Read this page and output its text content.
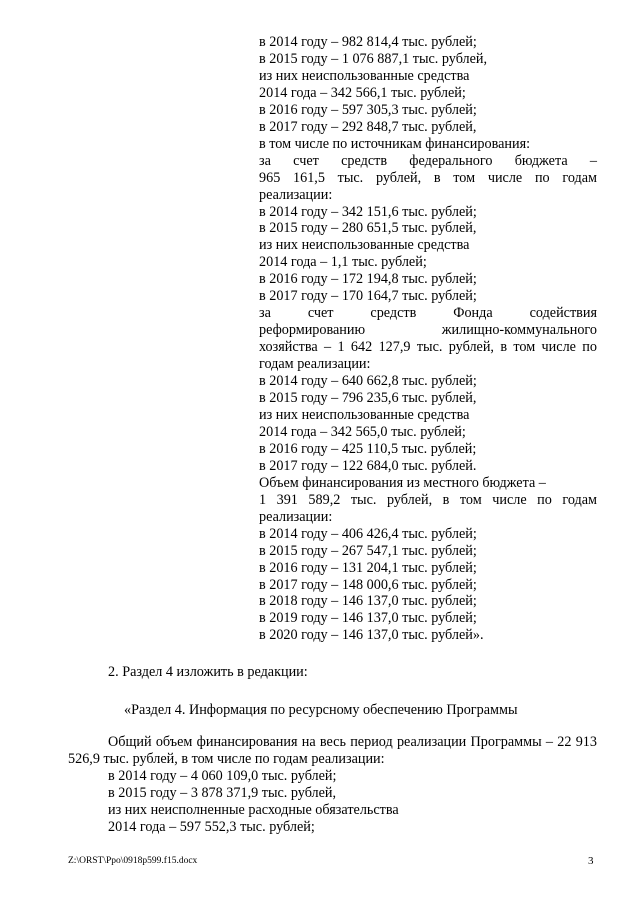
в 2014 году – 982 814,4 тыс. рублей;
в 2015 году – 1 076 887,1 тыс. рублей,
из них неиспользованные средства
2014 года – 342 566,1 тыс. рублей;
в 2016 году – 597 305,3 тыс. рублей;
в 2017 году – 292 848,7 тыс. рублей,
в том числе по источникам финансирования:
за счет средств федерального бюджета –
965 161,5 тыс. рублей, в том числе по годам
реализации:
в 2014 году – 342 151,6 тыс. рублей;
в 2015 году – 280 651,5 тыс. рублей,
из них неиспользованные средства
2014 года – 1,1 тыс. рублей;
в 2016 году – 172 194,8 тыс. рублей;
в 2017 году – 170 164,7 тыс. рублей;
за счет средств Фонда содействия
реформированию жилищно-коммунального
хозяйства – 1 642 127,9 тыс. рублей, в том числе по
годам реализации:
в 2014 году – 640 662,8 тыс. рублей;
в 2015 году – 796 235,6 тыс. рублей,
из них неиспользованные средства
2014 года – 342 565,0 тыс. рублей;
в 2016 году – 425 110,5 тыс. рублей;
в 2017 году – 122 684,0 тыс. рублей.
Объем финансирования из местного бюджета –
1 391 589,2 тыс. рублей, в том числе по годам
реализации:
в 2014 году – 406 426,4 тыс. рублей;
в 2015 году – 267 547,1 тыс. рублей;
в 2016 году – 131 204,1 тыс. рублей;
в 2017 году – 148 000,6 тыс. рублей;
в 2018 году – 146 137,0 тыс. рублей;
в 2019 году – 146 137,0 тыс. рублей;
в 2020 году – 146 137,0 тыс. рублей».
2. Раздел 4 изложить в редакции:
«Раздел 4. Информация по ресурсному обеспечению Программы
Общий объем финансирования на весь период реализации Программы – 22 913 526,9 тыс. рублей, в том числе по годам реализации:
в 2014 году – 4 060 109,0 тыс. рублей;
в 2015 году – 3 878 371,9 тыс. рублей,
из них неисполненные расходные обязательства
2014 года – 597 552,3 тыс. рублей;
Z:\ORST\Ppo\0918p599.f15.docx	3
